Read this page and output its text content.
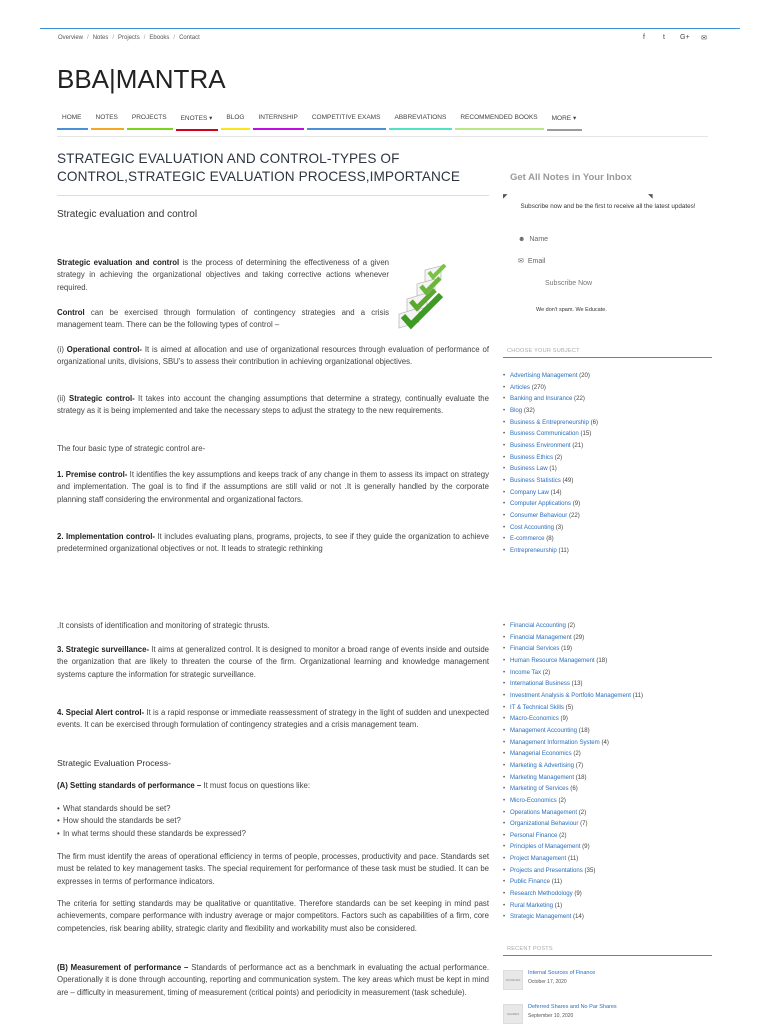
Overview / Notes / Projects / Ebooks / Contact	f	t	G+ ✉
BBA|MANTRA
HOME	NOTES	PROJECTS	ENOTES ▾	BLOG	INTERNSHIP	COMPETITIVE EXAMS	ABBREVIATIONS	RECOMMENDED BOOKS	MORE ▾
STRATEGIC EVALUATION AND CONTROL-TYPES OF CONTROL,STRATEGIC EVALUATION PROCESS,IMPORTANCE
Strategic evaluation and control
Strategic evaluation and control is the process of determining the effectiveness of a given strategy in achieving the organizational objectives and taking corrective actions whenever required.
Control can be exercised through formulation of contingency strategies and a crisis management team. There can be the following types of control –
(i) Operational control- It is aimed at allocation and use of organizational resources through evaluation of performance of organizational units, divisions, SBU's to assess their contribution in achieving organizational objectives.
(ii) Strategic control- It takes into account the changing assumptions that determine a strategy, continually evaluate the strategy as it is being implemented and take the necessary steps to adjust the strategy to the new requirements.
The four basic type of strategic control are-
1. Premise control- It identifies the key assumptions and keeps track of any change in them to assess its impact on strategy and implementation. The goal is to find if the assumptions are still valid or not .It is generally handled by the corporate planning staff considering the environmental and organizational factors.
2. Implementation control- It includes evaluating plans, programs, projects, to see if they guide the organization to achieve predetermined organizational objectives or not. It leads to strategic rethinking
.It consists of identification and monitoring of strategic thrusts.
3. Strategic surveillance- It aims at generalized control. It is designed to monitor a broad range of events inside and outside the organization that are likely to threaten the course of the firm. Organizational learning and knowledge management systems capture the information for strategic surveillance.
4. Special Alert control- It is a rapid response or immediate reassessment of strategy in the light of sudden and unexpected events. It can be exercised through formulation of contingency strategies and a crisis management team.
Strategic Evaluation Process-
(A) Setting standards of performance – It must focus on questions like:
• What standards should be set?
• How should the standards be set?
• In what terms should these standards be expressed?
The firm must identify the areas of operational efficiency in terms of people, processes, productivity and pace. Standards set must be related to key management tasks. The special requirement for performance of these task must be studied. It can be expresses in terms of performance indicators.
The criteria for setting standards may be qualitative or quantitative. Therefore standards can be set keeping in mind past achievements, compare performance with industry average or major competitors. Factors such as capabilities of a firm, core competencies, risk bearing ability, strategic clarity and flexibility and workability must also be considered.
(B) Measurement of performance – Standards of performance act as a benchmark in evaluating the actual performance. Operationally it is done through accounting, reporting and communication system. The key areas which must be kept in mind are – difficulty in measurement, timing of measurement (critical points) and periodicity in measurement (task schedule).
Get All Notes in Your Inbox
◤	◥
Subscribe now and be the first to receive all the latest updates!
☻ Name
✉ Email
Subscribe Now
We don't spam. We Educate.
CHOOSE YOUR SUBJECT
• Advertising Management (20)
• Articles (270)
• Banking and Insurance (22)
• Blog (32)
• Business & Entrepreneurship (6)
• Business Communication (15)
• Business Environment (21)
• Business Ethics (2)
• Business Law (1)
• Business Statistics (49)
• Company Law (14)
• Computer Applications (9)
• Consumer Behaviour (22)
• Cost Accounting (3)
• E-commerce (8)
• Entrepreneurship (11)
• Financial Accounting (2)
• Financial Management (29)
• Financial Services (19)
• Human Resource Management (18)
• Income Tax (2)
• International Business (13)
• Investment Analysis & Portfolio Management (11)
• IT & Technical Skills (5)
• Macro-Economics (9)
• Management Accounting (18)
• Management Information System (4)
• Managerial Economics (2)
• Marketing & Advertising (7)
• Marketing Management (18)
• Marketing of Services (6)
• Micro-Economics (2)
• Operations Management (2)
• Organizational Behaviour (7)
• Personal Finance (2)
• Principles of Management (9)
• Project Management (11)
• Projects and Presentations (35)
• Public Finance (11)
• Research Methodology (9)
• Rural Marketing (1)
• Strategic Management (14)
RECENT POSTS
SOURCES
Internal Sources of Finance
October 17, 2020
SHARES
Deferred Shares and No Par Shares
September 10, 2020
